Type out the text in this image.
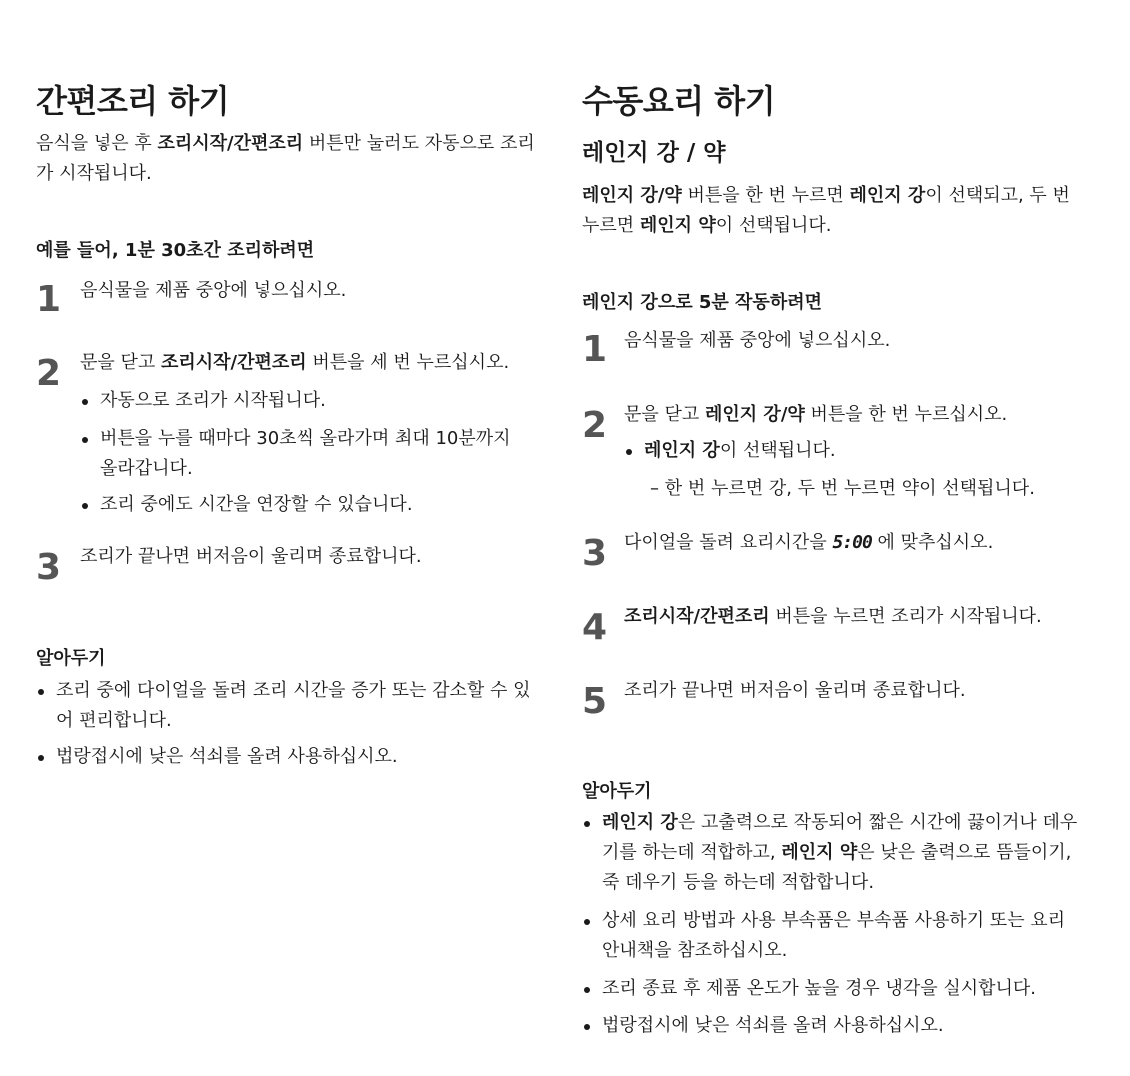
간편조리 하기
음식을 넣은 후 조리시작/간편조리 버튼만 눌러도 자동으로 조리가 시작됩니다.
예를 들어, 1분 30초간 조리하려면
1 음식물을 제품 중앙에 넣으십시오.
2 문을 닫고 조리시작/간편조리 버튼을 세 번 누르십시오.
자동으로 조리가 시작됩니다.
버튼을 누를 때마다 30초씩 올라가며 최대 10분까지 올라갑니다.
조리 중에도 시간을 연장할 수 있습니다.
3 조리가 끝나면 버저음이 울리며 종료합니다.
알아두기
조리 중에 다이얼을 돌려 조리 시간을 증가 또는 감소할 수 있어 편리합니다.
법랑접시에 낮은 석쇠를 올려 사용하십시오.
수동요리 하기
레인지 강 / 약
레인지 강/약 버튼을 한 번 누르면 레인지 강이 선택되고, 두 번 누르면 레인지 약이 선택됩니다.
레인지 강으로 5분 작동하려면
1 음식물을 제품 중앙에 넣으십시오.
2 문을 닫고 레인지 강/약 버튼을 한 번 누르십시오.
레인지 강이 선택됩니다.
– 한 번 누르면 강, 두 번 누르면 약이 선택됩니다.
3 다이얼을 돌려 요리시간을 5:00 에 맞추십시오.
4 조리시작/간편조리 버튼을 누르면 조리가 시작됩니다.
5 조리가 끝나면 버저음이 울리며 종료합니다.
알아두기
레인지 강은 고출력으로 작동되어 짧은 시간에 끓이거나 데우기를 하는데 적합하고, 레인지 약은 낮은 출력으로 뜸들이기, 죽 데우기 등을 하는데 적합합니다.
상세 요리 방법과 사용 부속품은 부속품 사용하기 또는 요리 안내책을 참조하십시오.
조리 종료 후 제품 온도가 높을 경우 냉각을 실시합니다.
법랑접시에 낮은 석쇠를 올려 사용하십시오.
